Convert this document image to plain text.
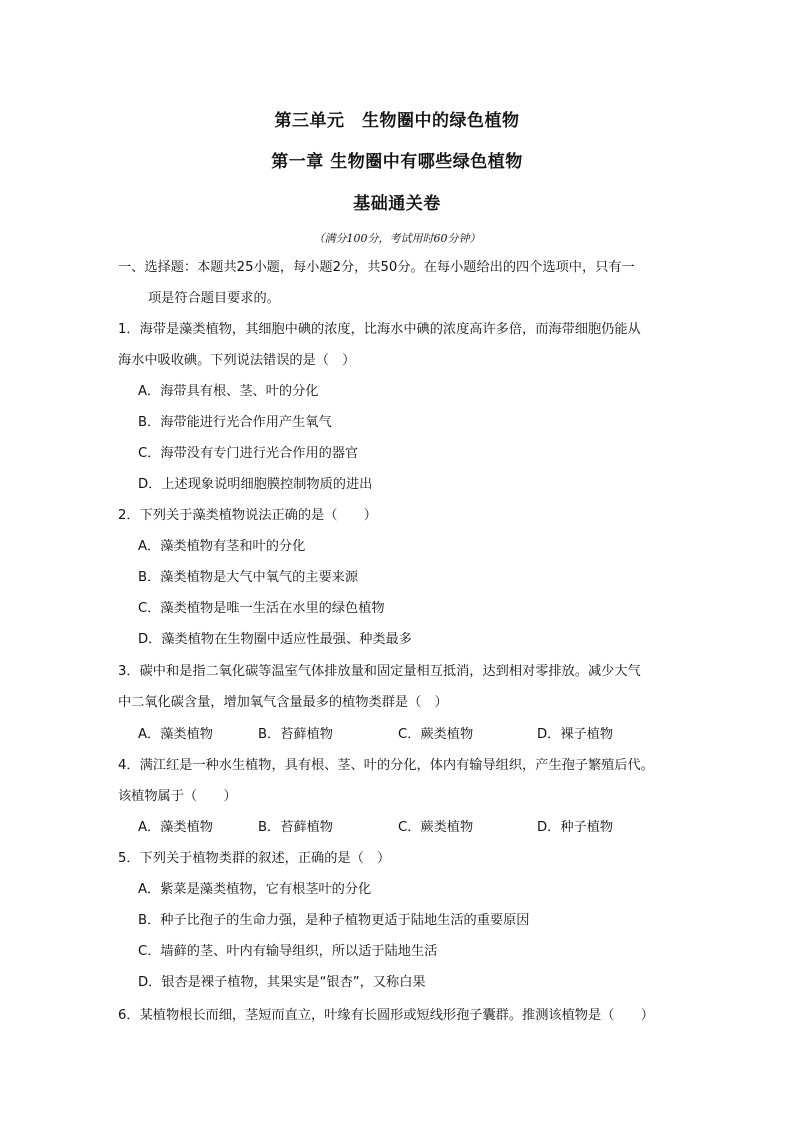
第三单元　生物圈中的绿色植物
第一章 生物圈中有哪些绿色植物
基础通关卷
（满分100分，考试用时60分钟）
一、选择题：本题共25小题，每小题2分，共50分。在每小题给出的四个选项中，只有一
项是符合题目要求的。
1．海带是藻类植物，其细胞中碘的浓度，比海水中碘的浓度高许多倍，而海带细胞仍能从
海水中吸收碘。下列说法错误的是（　）
A．海带具有根、茎、叶的分化
B．海带能进行光合作用产生氧气
C．海带没有专门进行光合作用的器官
D．上述现象说明细胞膜控制物质的进出
2．下列关于藻类植物说法正确的是（　　）
A．藻类植物有茎和叶的分化
B．藻类植物是大气中氧气的主要来源
C．藻类植物是唯一生活在水里的绿色植物
D．藻类植物在生物圈中适应性最强、种类最多
3．碳中和是指二氧化碳等温室气体排放量和固定量相互抵消，达到相对零排放。减少大气
中二氧化碳含量，增加氧气含量最多的植物类群是（　）
A．藻类植物	B．苔藓植物	C．蕨类植物	D．裸子植物
4．满江红是一种水生植物，具有根、茎、叶的分化，体内有输导组织，产生孢子繁殖后代。
该植物属于（　　）
A．藻类植物	B．苔藓植物	C．蕨类植物	D．种子植物
5．下列关于植物类群的叙述，正确的是（　）
A．紫菜是藻类植物，它有根茎叶的分化
B．种子比孢子的生命力强，是种子植物更适于陆地生活的重要原因
C．墙藓的茎、叶内有输导组织，所以适于陆地生活
D．银杏是裸子植物，其果实是“银杏”，又称白果
6．某植物根长而细，茎短而直立，叶缘有长圆形或短线形孢子囊群。推测该植物是（　　）
